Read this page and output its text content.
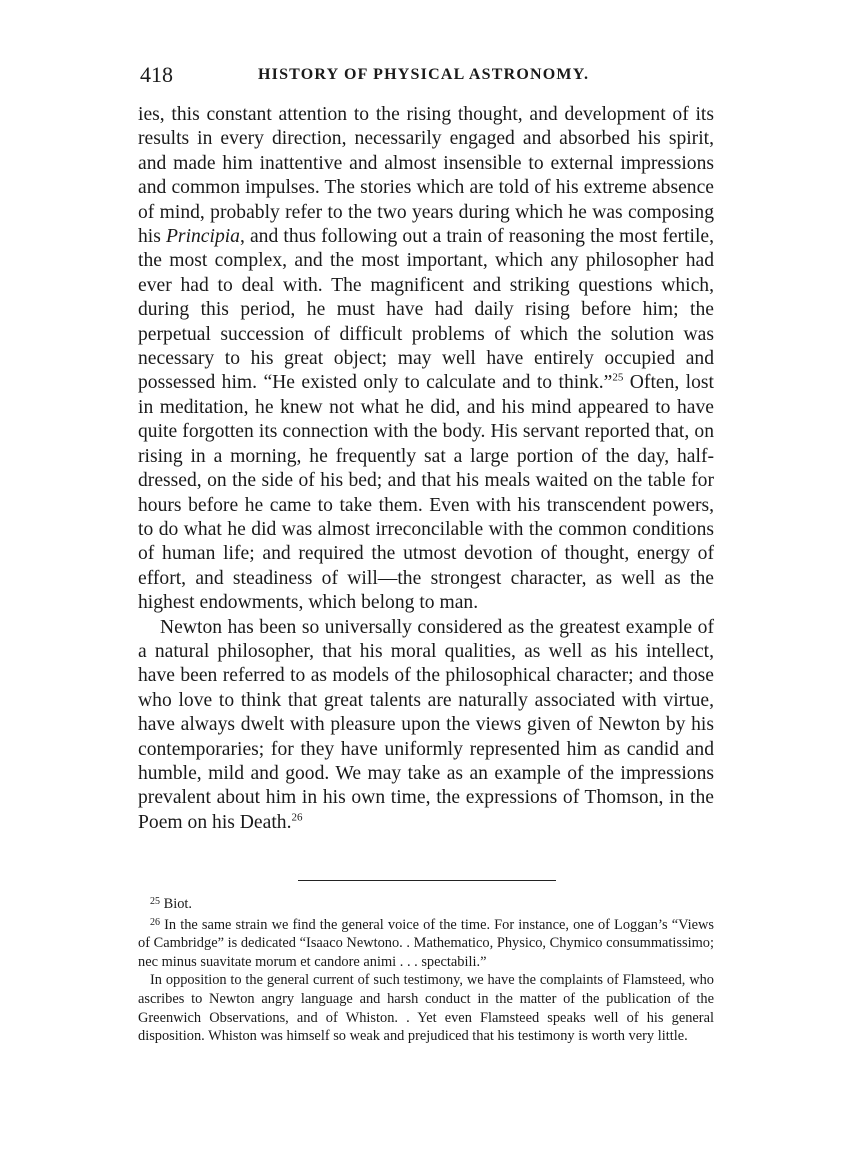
418	HISTORY OF PHYSICAL ASTRONOMY.

ies, this constant attention to the rising thought, and development of its results in every direction, necessarily engaged and absorbed his spirit, and made him inattentive and almost insensible to external impressions and common impulses. The stories which are told of his extreme absence of mind, probably refer to the two years during which he was composing his Principia, and thus following out a train of reasoning the most fertile, the most complex, and the most important, which any philosopher had ever had to deal with. The magnificent and striking questions which, during this period, he must have had daily rising before him; the perpetual succession of difficult problems of which the solution was necessary to his great object; may well have entirely occupied and possessed him. “He existed only to calculate and to think.”$^{25}$ Often, lost in meditation, he knew not what he did, and his mind appeared to have quite forgotten its connection with the body. His servant reported that, on rising in a morning, he frequently sat a large portion of the day, half-dressed, on the side of his bed; and that his meals waited on the table for hours before he came to take them. Even with his transcendent powers, to do what he did was almost irreconcilable with the common conditions of human life; and required the utmost devotion of thought, energy of effort, and steadiness of will—the strongest character, as well as the highest endowments, which belong to man.

Newton has been so universally considered as the greatest example of a natural philosopher, that his moral qualities, as well as his intellect, have been referred to as models of the philosophical character; and those who love to think that great talents are naturally associated with virtue, have always dwelt with pleasure upon the views given of Newton by his contemporaries; for they have uniformly represented him as candid and humble, mild and good. We may take as an example of the impressions prevalent about him in his own time, the expressions of Thomson, in the Poem on his Death.$^{26}$

$^{25}$ Biot.

$^{26}$ In the same strain we find the general voice of the time. For instance, one of Loggan’s “Views of Cambridge” is dedicated “Isaaco Newtono. . Mathematico, Physico, Chymico consummatissimo; nec minus suavitate morum et candore animi . . . spectabili.”

In opposition to the general current of such testimony, we have the complaints of Flamsteed, who ascribes to Newton angry language and harsh conduct in the matter of the publication of the Greenwich Observations, and of Whiston. . Yet even Flamsteed speaks well of his general disposition. Whiston was himself so weak and prejudiced that his testimony is worth very little.
